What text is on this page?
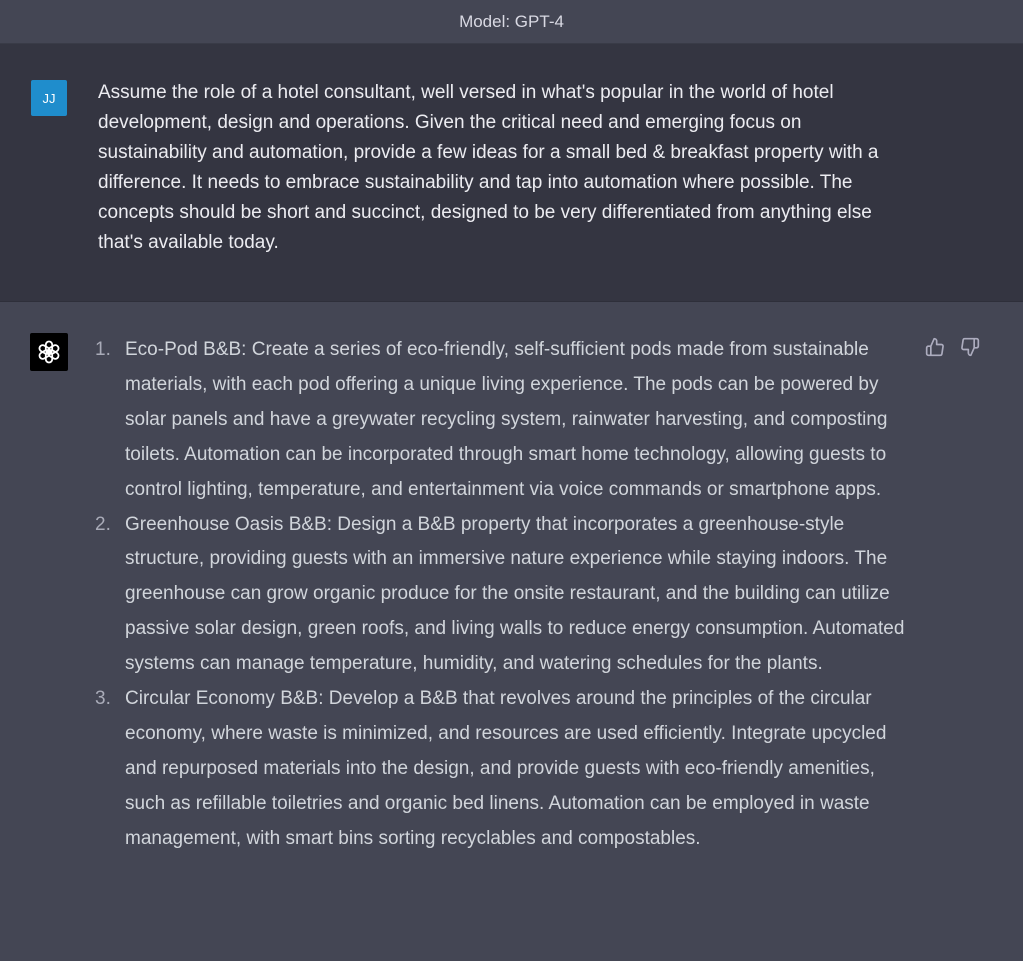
Model: GPT-4
JJ Assume the role of a hotel consultant, well versed in what's popular in the world of hotel development, design and operations. Given the critical need and emerging focus on sustainability and automation, provide a few ideas for a small bed & breakfast property with a difference. It needs to embrace sustainability and tap into automation where possible. The concepts should be short and succinct, designed to be very differentiated from anything else that's available today.

1. Eco-Pod B&B: Create a series of eco-friendly, self-sufficient pods made from sustainable materials, with each pod offering a unique living experience. The pods can be powered by solar panels and have a greywater recycling system, rainwater harvesting, and composting toilets. Automation can be incorporated through smart home technology, allowing guests to control lighting, temperature, and entertainment via voice commands or smartphone apps.
2. Greenhouse Oasis B&B: Design a B&B property that incorporates a greenhouse-style structure, providing guests with an immersive nature experience while staying indoors. The greenhouse can grow organic produce for the onsite restaurant, and the building can utilize passive solar design, green roofs, and living walls to reduce energy consumption. Automated systems can manage temperature, humidity, and watering schedules for the plants.
3. Circular Economy B&B: Develop a B&B that revolves around the principles of the circular economy, where waste is minimized, and resources are used efficiently. Integrate upcycled and repurposed materials into the design, and provide guests with eco-friendly amenities, such as refillable toiletries and organic bed linens. Automation can be employed in waste management, with smart bins sorting recyclables and compostables.
